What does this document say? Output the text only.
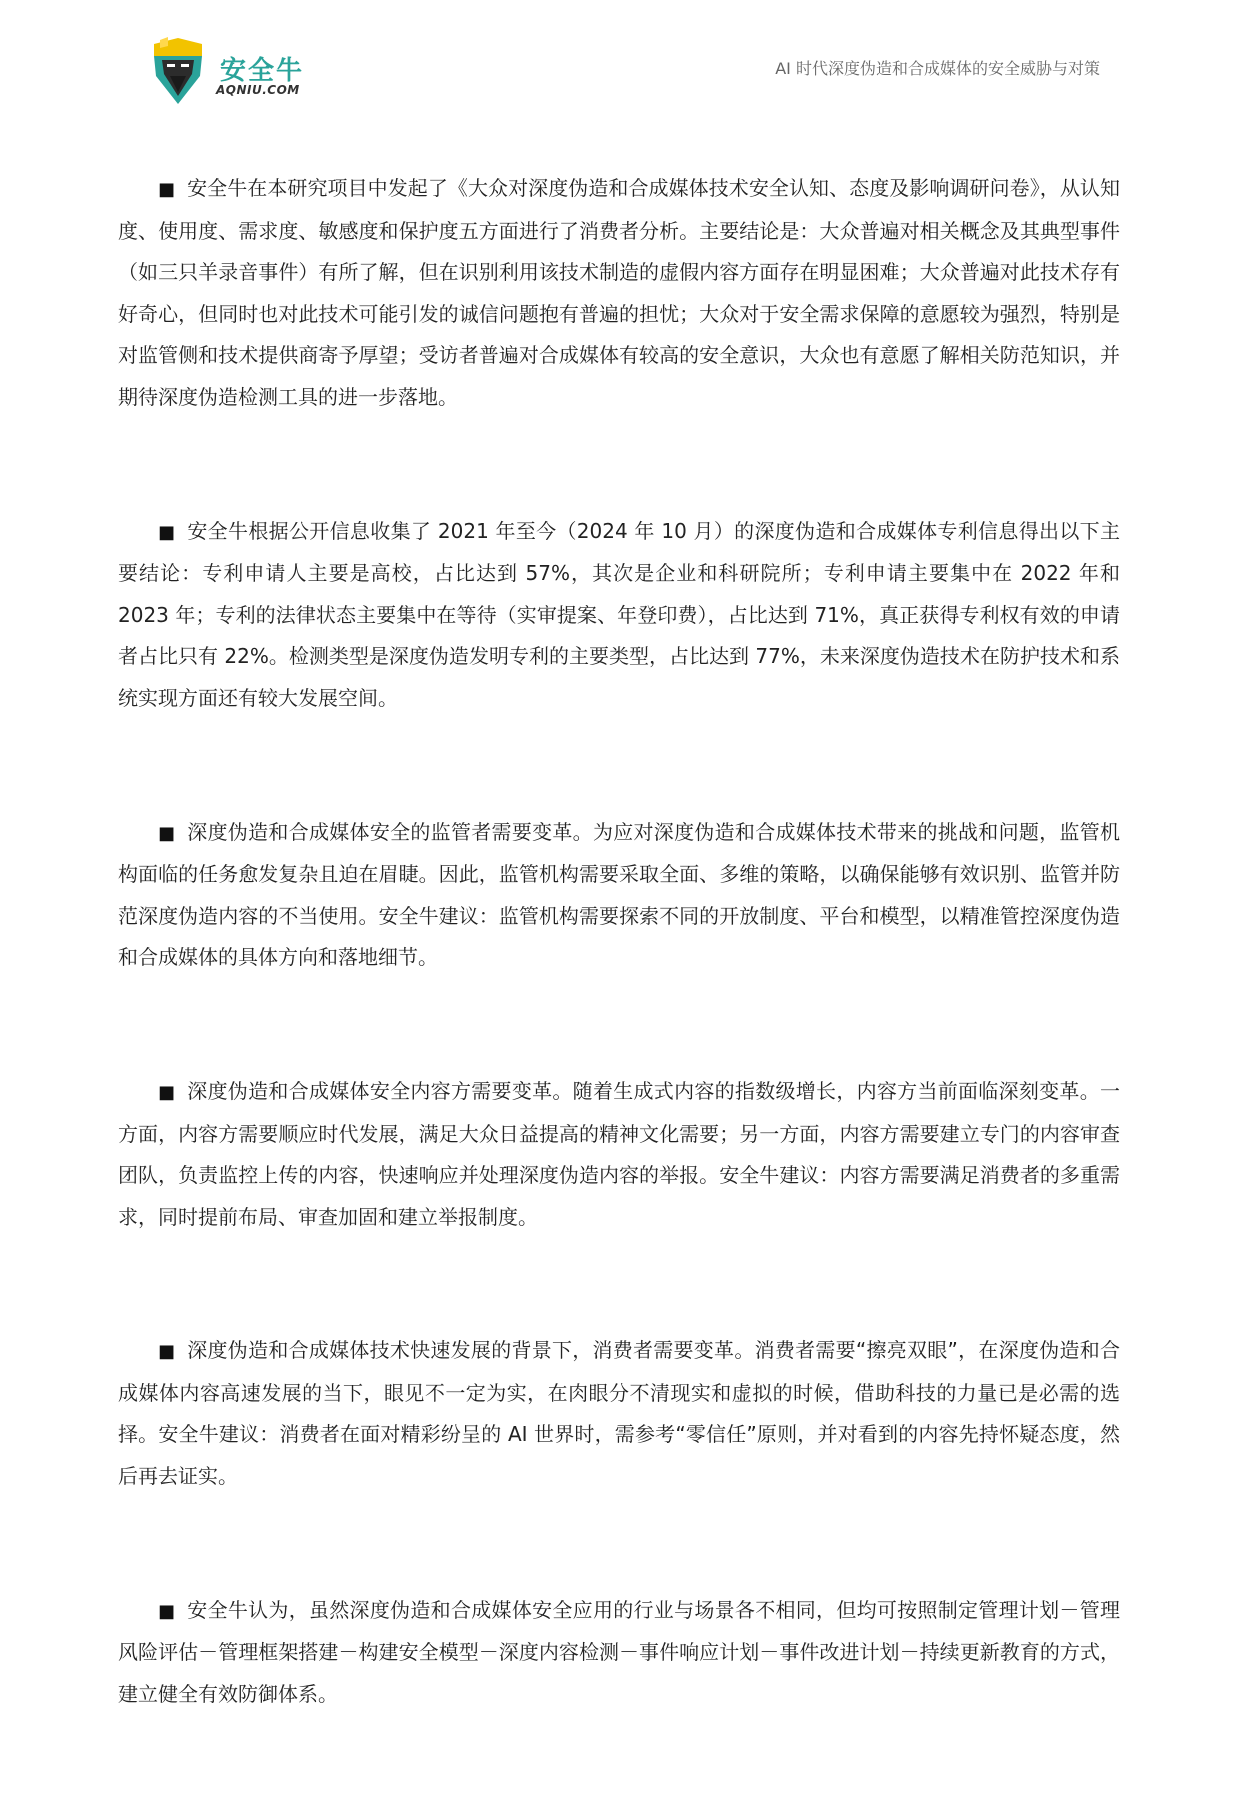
安全牛
AQNIU.COM
AI 时代深度伪造和合成媒体的安全威胁与对策

■ 安全牛在本研究项目中发起了《大众对深度伪造和合成媒体技术安全认知、态度及影响调研问卷》，从认知度、使用度、需求度、敏感度和保护度五方面进行了消费者分析。主要结论是：大众普遍对相关概念及其典型事件（如三只羊录音事件）有所了解，但在识别利用该技术制造的虚假内容方面存在明显困难；大众普遍对此技术存有好奇心，但同时也对此技术可能引发的诚信问题抱有普遍的担忧；大众对于安全需求保障的意愿较为强烈，特别是对监管侧和技术提供商寄予厚望；受访者普遍对合成媒体有较高的安全意识，大众也有意愿了解相关防范知识，并期待深度伪造检测工具的进一步落地。

■ 安全牛根据公开信息收集了 2021 年至今（2024 年 10 月）的深度伪造和合成媒体专利信息得出以下主要结论：专利申请人主要是高校，占比达到 57%，其次是企业和科研院所；专利申请主要集中在 2022 年和 2023 年；专利的法律状态主要集中在等待（实审提案、年登印费），占比达到 71%，真正获得专利权有效的申请者占比只有 22%。检测类型是深度伪造发明专利的主要类型，占比达到 77%，未来深度伪造技术在防护技术和系统实现方面还有较大发展空间。

■ 深度伪造和合成媒体安全的监管者需要变革。为应对深度伪造和合成媒体技术带来的挑战和问题，监管机构面临的任务愈发复杂且迫在眉睫。因此，监管机构需要采取全面、多维的策略，以确保能够有效识别、监管并防范深度伪造内容的不当使用。安全牛建议：监管机构需要探索不同的开放制度、平台和模型，以精准管控深度伪造和合成媒体的具体方向和落地细节。

■ 深度伪造和合成媒体安全内容方需要变革。随着生成式内容的指数级增长，内容方当前面临深刻变革。一方面，内容方需要顺应时代发展，满足大众日益提高的精神文化需要；另一方面，内容方需要建立专门的内容审查团队，负责监控上传的内容，快速响应并处理深度伪造内容的举报。安全牛建议：内容方需要满足消费者的多重需求，同时提前布局、审查加固和建立举报制度。

■ 深度伪造和合成媒体技术快速发展的背景下，消费者需要变革。消费者需要“擦亮双眼”，在深度伪造和合成媒体内容高速发展的当下，眼见不一定为实，在肉眼分不清现实和虚拟的时候，借助科技的力量已是必需的选择。安全牛建议：消费者在面对精彩纷呈的 AI 世界时，需参考“零信任”原则，并对看到的内容先持怀疑态度，然后再去证实。

■ 安全牛认为，虽然深度伪造和合成媒体安全应用的行业与场景各不相同，但均可按照制定管理计划－管理风险评估－管理框架搭建－构建安全模型－深度内容检测－事件响应计划－事件改进计划－持续更新教育的方式，建立健全有效防御体系。
